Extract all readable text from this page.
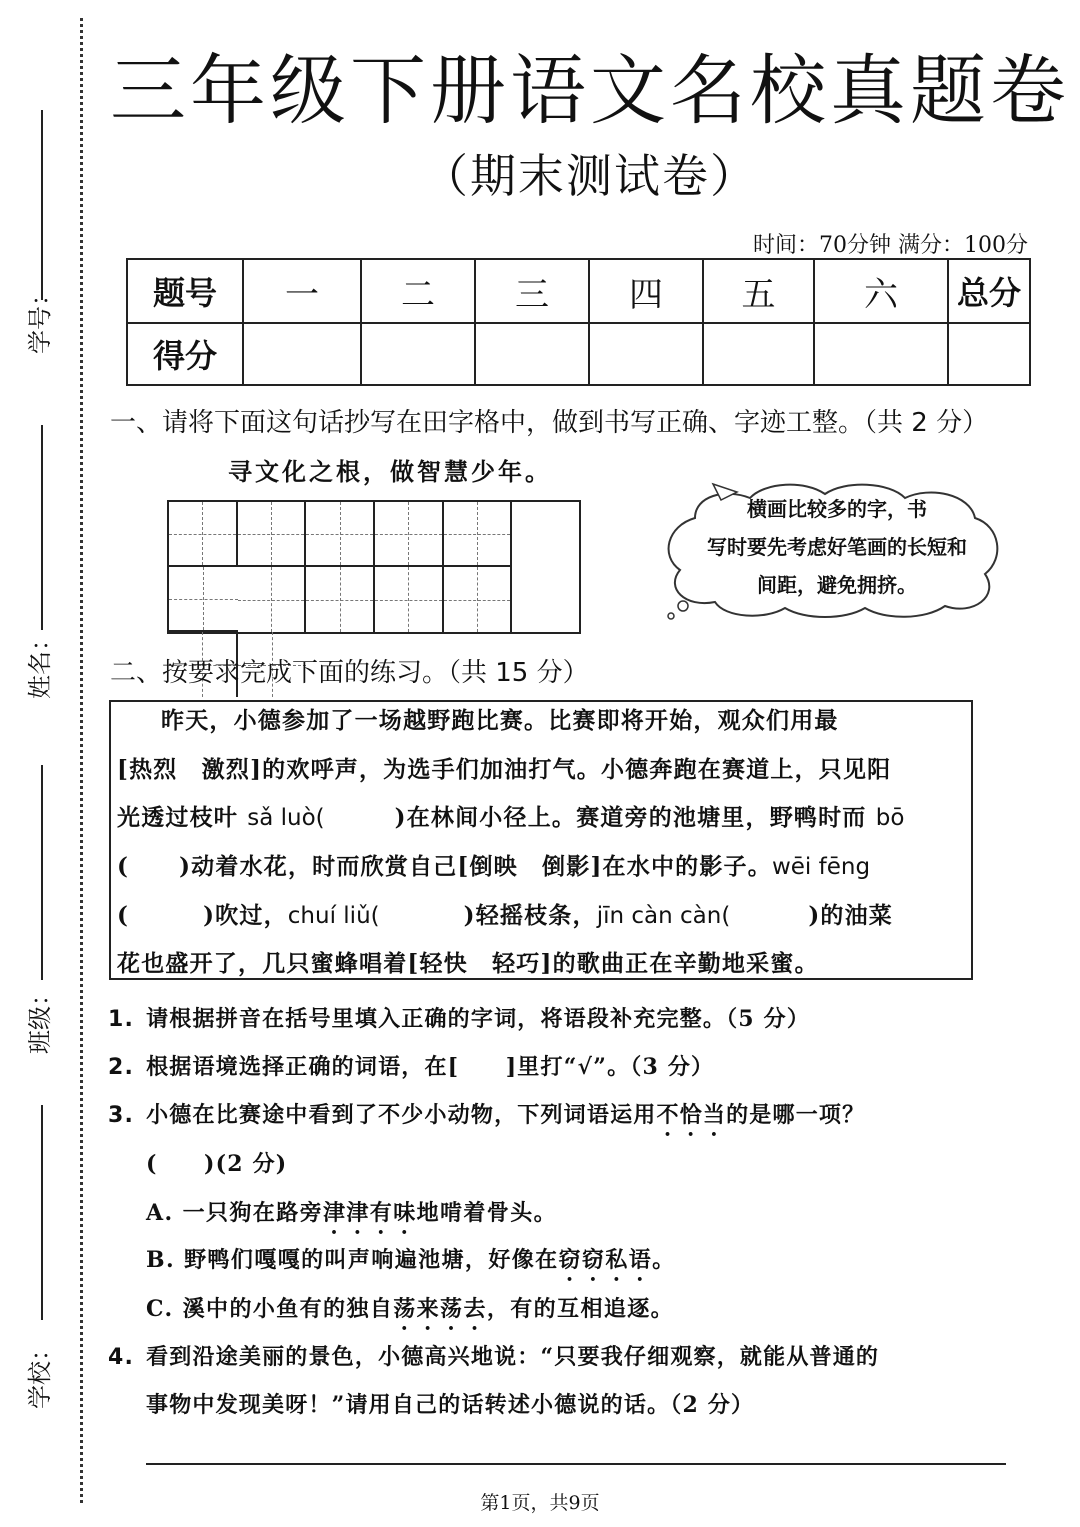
学号：
姓名：
班级：
学校：
三年级下册语文名校真题卷
（期末测试卷）
时间：70分钟 满分：100分
题号	一	二	三	四	五	六	总分
得分							
一、请将下面这句话抄写在田字格中，做到书写正确、字迹工整。（共 2 分）
寻文化之根，做智慧少年。
横画比较多的字，书
写时要先考虑好笔画的长短和
间距，避免拥挤。
二、按要求完成下面的练习。（共 15 分）
昨天，小德参加了一场越野跑比赛。比赛即将开始，观众们用最
[热烈　激烈]的欢呼声，为选手们加油打气。小德奔跑在赛道上，只见阳
光透过枝叶 sǎ luò(	)在林间小径上。赛道旁的池塘里，野鸭时而 bō
( )动着水花，时而欣赏自己[倒映　倒影]在水中的影子。wēi fēng
(	)吹过，chuí liǔ(	)轻摇枝条，jīn càn càn(	)的油菜
花也盛开了，几只蜜蜂唱着[轻快　轻巧]的歌曲正在辛勤地采蜜。
1. 请根据拼音在括号里填入正确的字词，将语段补充完整。（5 分）
2. 根据语境选择正确的词语，在[　　]里打“√”。（3 分）
3. 小德在比赛途中看到了不少小动物，下列词语运用不恰当的是哪一项？
(　　)(2 分)
A. 一只狗在路旁津津有味地啃着骨头。
B. 野鸭们嘎嘎的叫声响遍池塘，好像在窃窃私语。
C. 溪中的小鱼有的独自荡来荡去，有的互相追逐。
4. 看到沿途美丽的景色，小德高兴地说：“只要我仔细观察，就能从普通的
事物中发现美呀！”请用自己的话转述小德说的话。（2 分）
第1页，共9页
